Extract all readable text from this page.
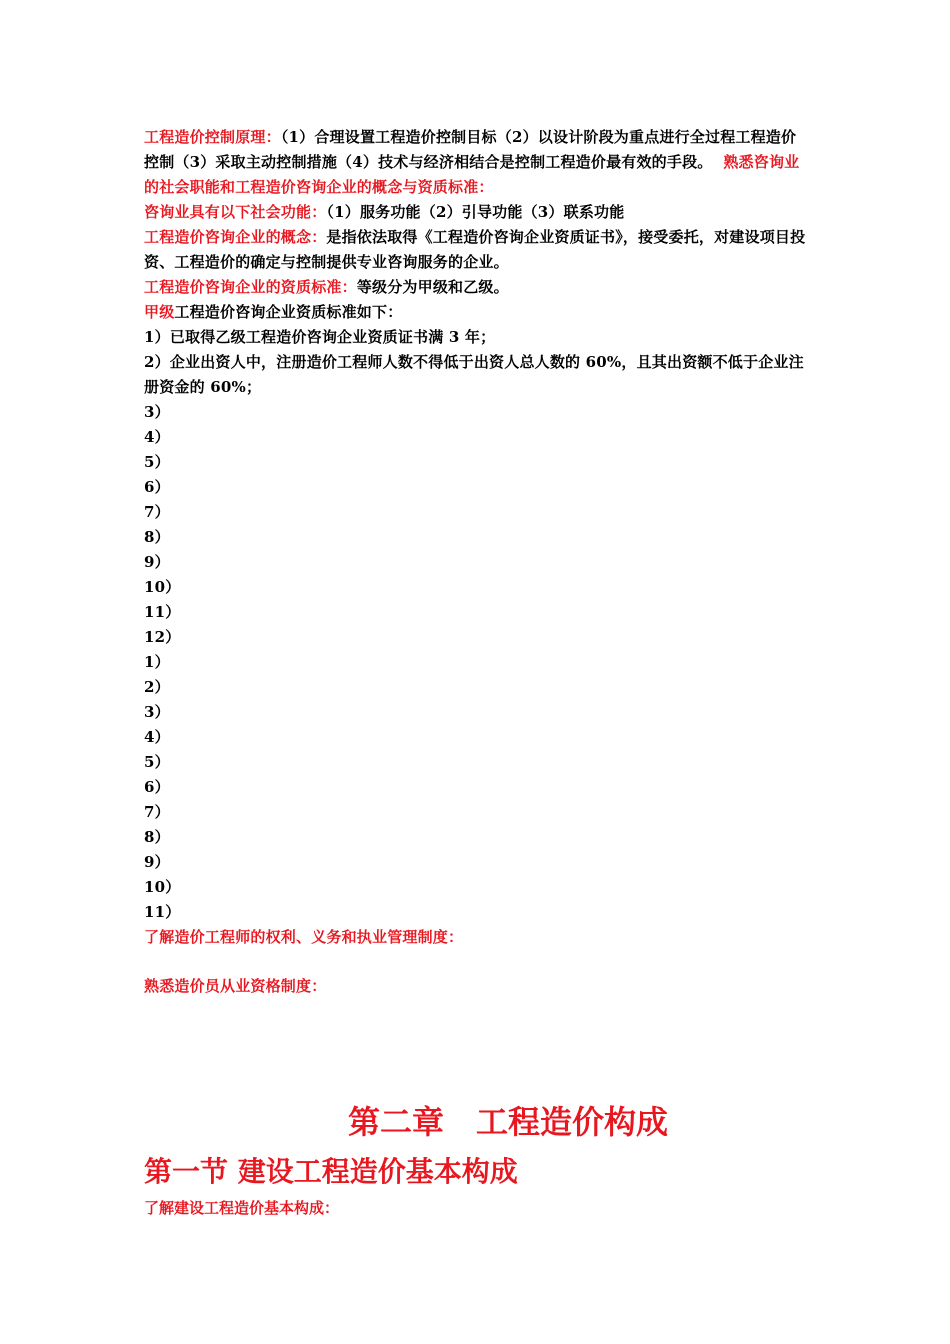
工程造价控制原理：（1）合理设置工程造价控制目标（2）以设计阶段为重点进行全过程工程造价控制（3）采取主动控制措施（4）技术与经济相结合是控制工程造价最有效的手段。 熟悉咨询业的社会职能和工程造价咨询企业的概念与资质标准：

咨询业具有以下社会功能：（1）服务功能（2）引导功能（3）联系功能

工程造价咨询企业的概念：是指依法取得《工程造价咨询企业资质证书》，接受委托，对建设项目投资、工程造价的确定与控制提供专业咨询服务的企业。

工程造价咨询企业的资质标准：等级分为甲级和乙级。

甲级工程造价咨询企业资质标准如下：

1）已取得乙级工程造价咨询企业资质证书满 3 年；

2）企业出资人中，注册造价工程师人数不得低于出资人总人数的 60%，且其出资额不低于企业注册资金的 60%；

3）

4）

5）

6）

7）

8）

9）

10）

11）

12）

1）

2）

3）

4）

5）

6）

7）

8）

9）

10）

11）

了解造价工程师的权利、义务和执业管理制度：

熟悉造价员从业资格制度：

第二章　工程造价构成
第一节 建设工程造价基本构成
了解建设工程造价基本构成：
